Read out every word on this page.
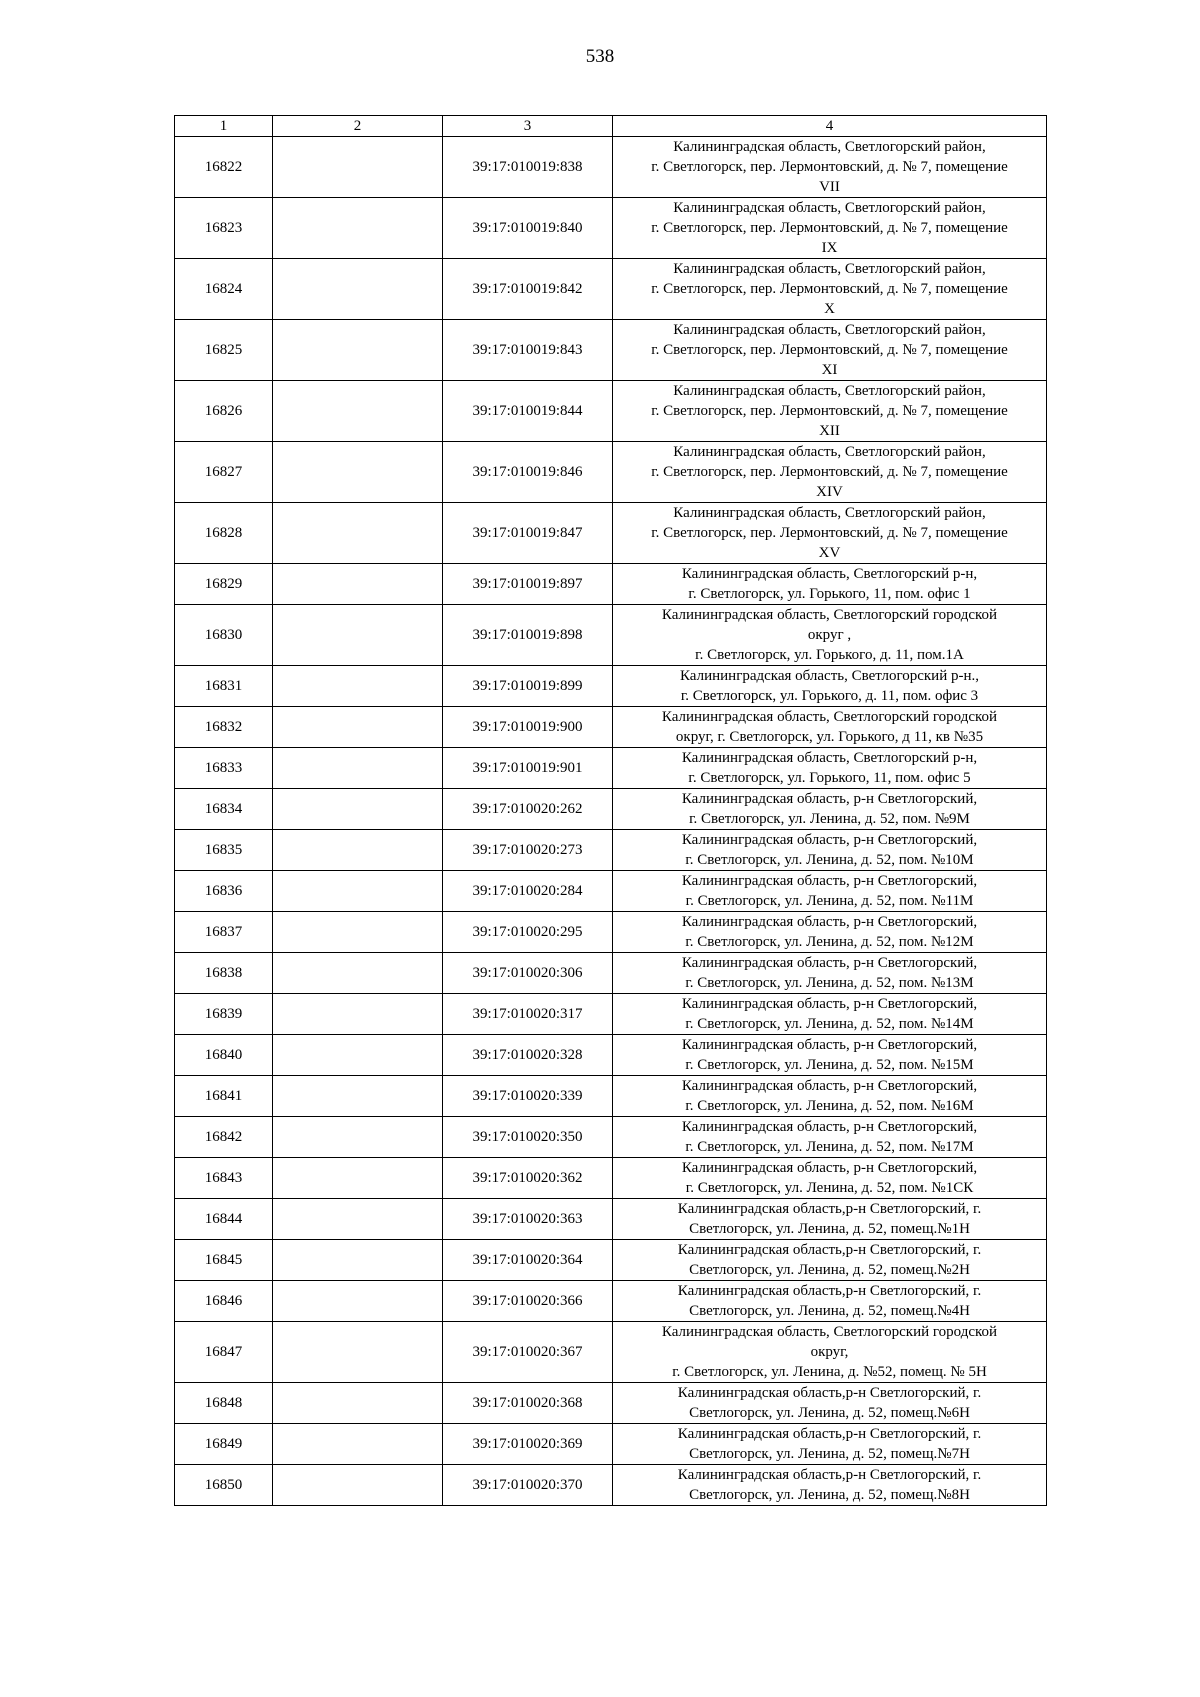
538
1	2	3	4
16822		39:17:010019:838	Калининградская область, Светлогорский район,
г. Светлогорск, пер. Лермонтовский, д. № 7, помещение
VII
16823		39:17:010019:840	Калининградская область, Светлогорский район,
г. Светлогорск, пер. Лермонтовский, д. № 7, помещение
IX
16824		39:17:010019:842	Калининградская область, Светлогорский район,
г. Светлогорск, пер. Лермонтовский, д. № 7, помещение
X
16825		39:17:010019:843	Калининградская область, Светлогорский район,
г. Светлогорск, пер. Лермонтовский, д. № 7, помещение
XI
16826		39:17:010019:844	Калининградская область, Светлогорский район,
г. Светлогорск, пер. Лермонтовский, д. № 7, помещение
XII
16827		39:17:010019:846	Калининградская область, Светлогорский район,
г. Светлогорск, пер. Лермонтовский, д. № 7, помещение
XIV
16828		39:17:010019:847	Калининградская область, Светлогорский район,
г. Светлогорск, пер. Лермонтовский, д. № 7, помещение
XV
16829		39:17:010019:897	Калининградская область, Светлогорский р-н,
г. Светлогорск, ул. Горького, 11, пом. офис 1
16830		39:17:010019:898	Калининградская область, Светлогорский городской
округ ,
г. Светлогорск, ул. Горького, д. 11, пом.1А
16831		39:17:010019:899	Калининградская область, Светлогорский р-н.,
г. Светлогорск, ул. Горького, д. 11, пом. офис 3
16832		39:17:010019:900	Калининградская область, Светлогорский городской
округ, г. Светлогорск, ул. Горького, д 11, кв №35
16833		39:17:010019:901	Калининградская область, Светлогорский р-н,
г. Светлогорск, ул. Горького, 11, пом. офис 5
16834		39:17:010020:262	Калининградская область, р-н Светлогорский,
г. Светлогорск, ул. Ленина, д. 52, пом. №9М
16835		39:17:010020:273	Калининградская область, р-н Светлогорский,
г. Светлогорск, ул. Ленина, д. 52, пом. №10М
16836		39:17:010020:284	Калининградская область, р-н Светлогорский,
г. Светлогорск, ул. Ленина, д. 52, пом. №11М
16837		39:17:010020:295	Калининградская область, р-н Светлогорский,
г. Светлогорск, ул. Ленина, д. 52, пом. №12М
16838		39:17:010020:306	Калининградская область, р-н Светлогорский,
г. Светлогорск, ул. Ленина, д. 52, пом. №13М
16839		39:17:010020:317	Калининградская область, р-н Светлогорский,
г. Светлогорск, ул. Ленина, д. 52, пом. №14М
16840		39:17:010020:328	Калининградская область, р-н Светлогорский,
г. Светлогорск, ул. Ленина, д. 52, пом. №15М
16841		39:17:010020:339	Калининградская область, р-н Светлогорский,
г. Светлогорск, ул. Ленина, д. 52, пом. №16М
16842		39:17:010020:350	Калининградская область, р-н Светлогорский,
г. Светлогорск, ул. Ленина, д. 52, пом. №17М
16843		39:17:010020:362	Калининградская область, р-н Светлогорский,
г. Светлогорск, ул. Ленина, д. 52, пом. №1СК
16844		39:17:010020:363	Калининградская область,р-н Светлогорский, г.
Светлогорск, ул. Ленина, д. 52, помещ.№1Н
16845		39:17:010020:364	Калининградская область,р-н Светлогорский, г.
Светлогорск, ул. Ленина, д. 52, помещ.№2Н
16846		39:17:010020:366	Калининградская область,р-н Светлогорский, г.
Светлогорск, ул. Ленина, д. 52, помещ.№4Н
16847		39:17:010020:367	Калининградская область, Светлогорский городской
округ,
г. Светлогорск, ул. Ленина, д. №52, помещ. № 5Н
16848		39:17:010020:368	Калининградская область,р-н Светлогорский, г.
Светлогорск, ул. Ленина, д. 52, помещ.№6Н
16849		39:17:010020:369	Калининградская область,р-н Светлогорский, г.
Светлогорск, ул. Ленина, д. 52, помещ.№7Н
16850		39:17:010020:370	Калининградская область,р-н Светлогорский, г.
Светлогорск, ул. Ленина, д. 52, помещ.№8Н
